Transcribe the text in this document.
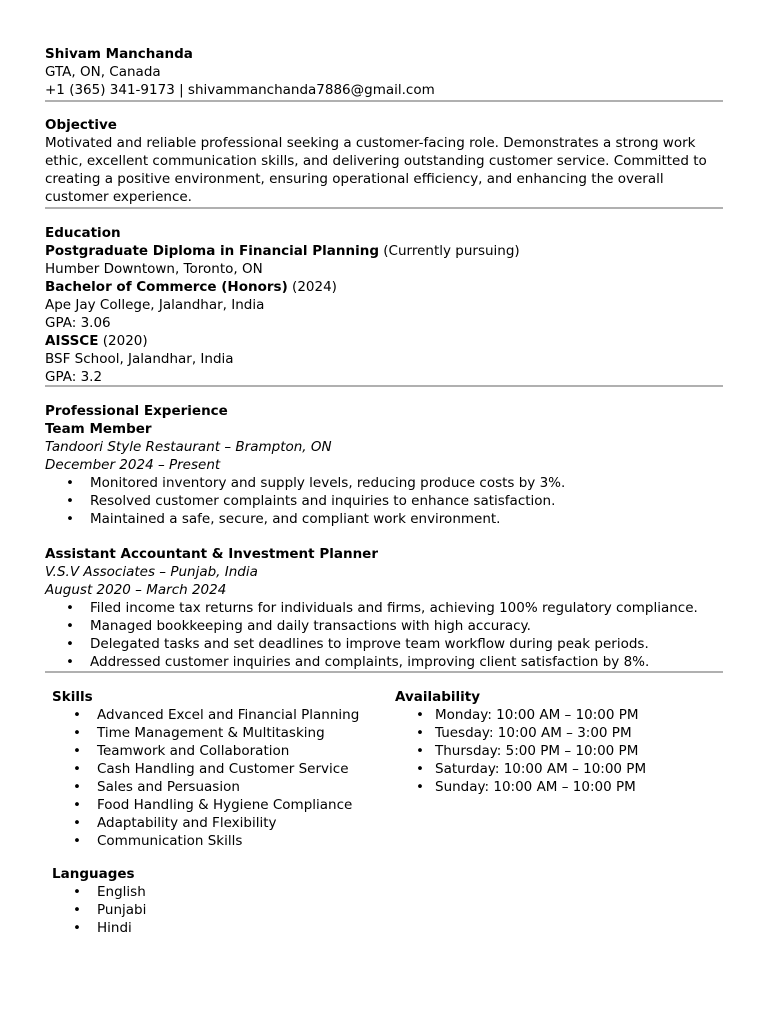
Shivam Manchanda
GTA, ON, Canada
+1 (365) 341-9173 | shivammanchanda7886@gmail.com
Objective
Motivated and reliable professional seeking a customer-facing role. Demonstrates a strong work ethic, excellent communication skills, and delivering outstanding customer service. Committed to creating a positive environment, ensuring operational efficiency, and enhancing the overall customer experience.
Education
Postgraduate Diploma in Financial Planning (Currently pursuing)
Humber Downtown, Toronto, ON
Bachelor of Commerce (Honors) (2024)
Ape Jay College, Jalandhar, India
GPA: 3.06
AISSCE (2020)
BSF School, Jalandhar, India
GPA: 3.2
Professional Experience
Team Member
Tandoori Style Restaurant – Brampton, ON
December 2024 – Present
• Monitored inventory and supply levels, reducing produce costs by 3%.
• Resolved customer complaints and inquiries to enhance satisfaction.
• Maintained a safe, secure, and compliant work environment.
Assistant Accountant & Investment Planner
V.S.V Associates – Punjab, India
August 2020 – March 2024
• Filed income tax returns for individuals and firms, achieving 100% regulatory compliance.
• Managed bookkeeping and daily transactions with high accuracy.
• Delegated tasks and set deadlines to improve team workflow during peak periods.
• Addressed customer inquiries and complaints, improving client satisfaction by 8%.
Skills
• Advanced Excel and Financial Planning
• Time Management & Multitasking
• Teamwork and Collaboration
• Cash Handling and Customer Service
• Sales and Persuasion
• Food Handling & Hygiene Compliance
• Adaptability and Flexibility
• Communication Skills
Availability
• Monday: 10:00 AM – 10:00 PM
• Tuesday: 10:00 AM – 3:00 PM
• Thursday: 5:00 PM – 10:00 PM
• Saturday: 10:00 AM – 10:00 PM
• Sunday: 10:00 AM – 10:00 PM
Languages
• English
• Punjabi
• Hindi
